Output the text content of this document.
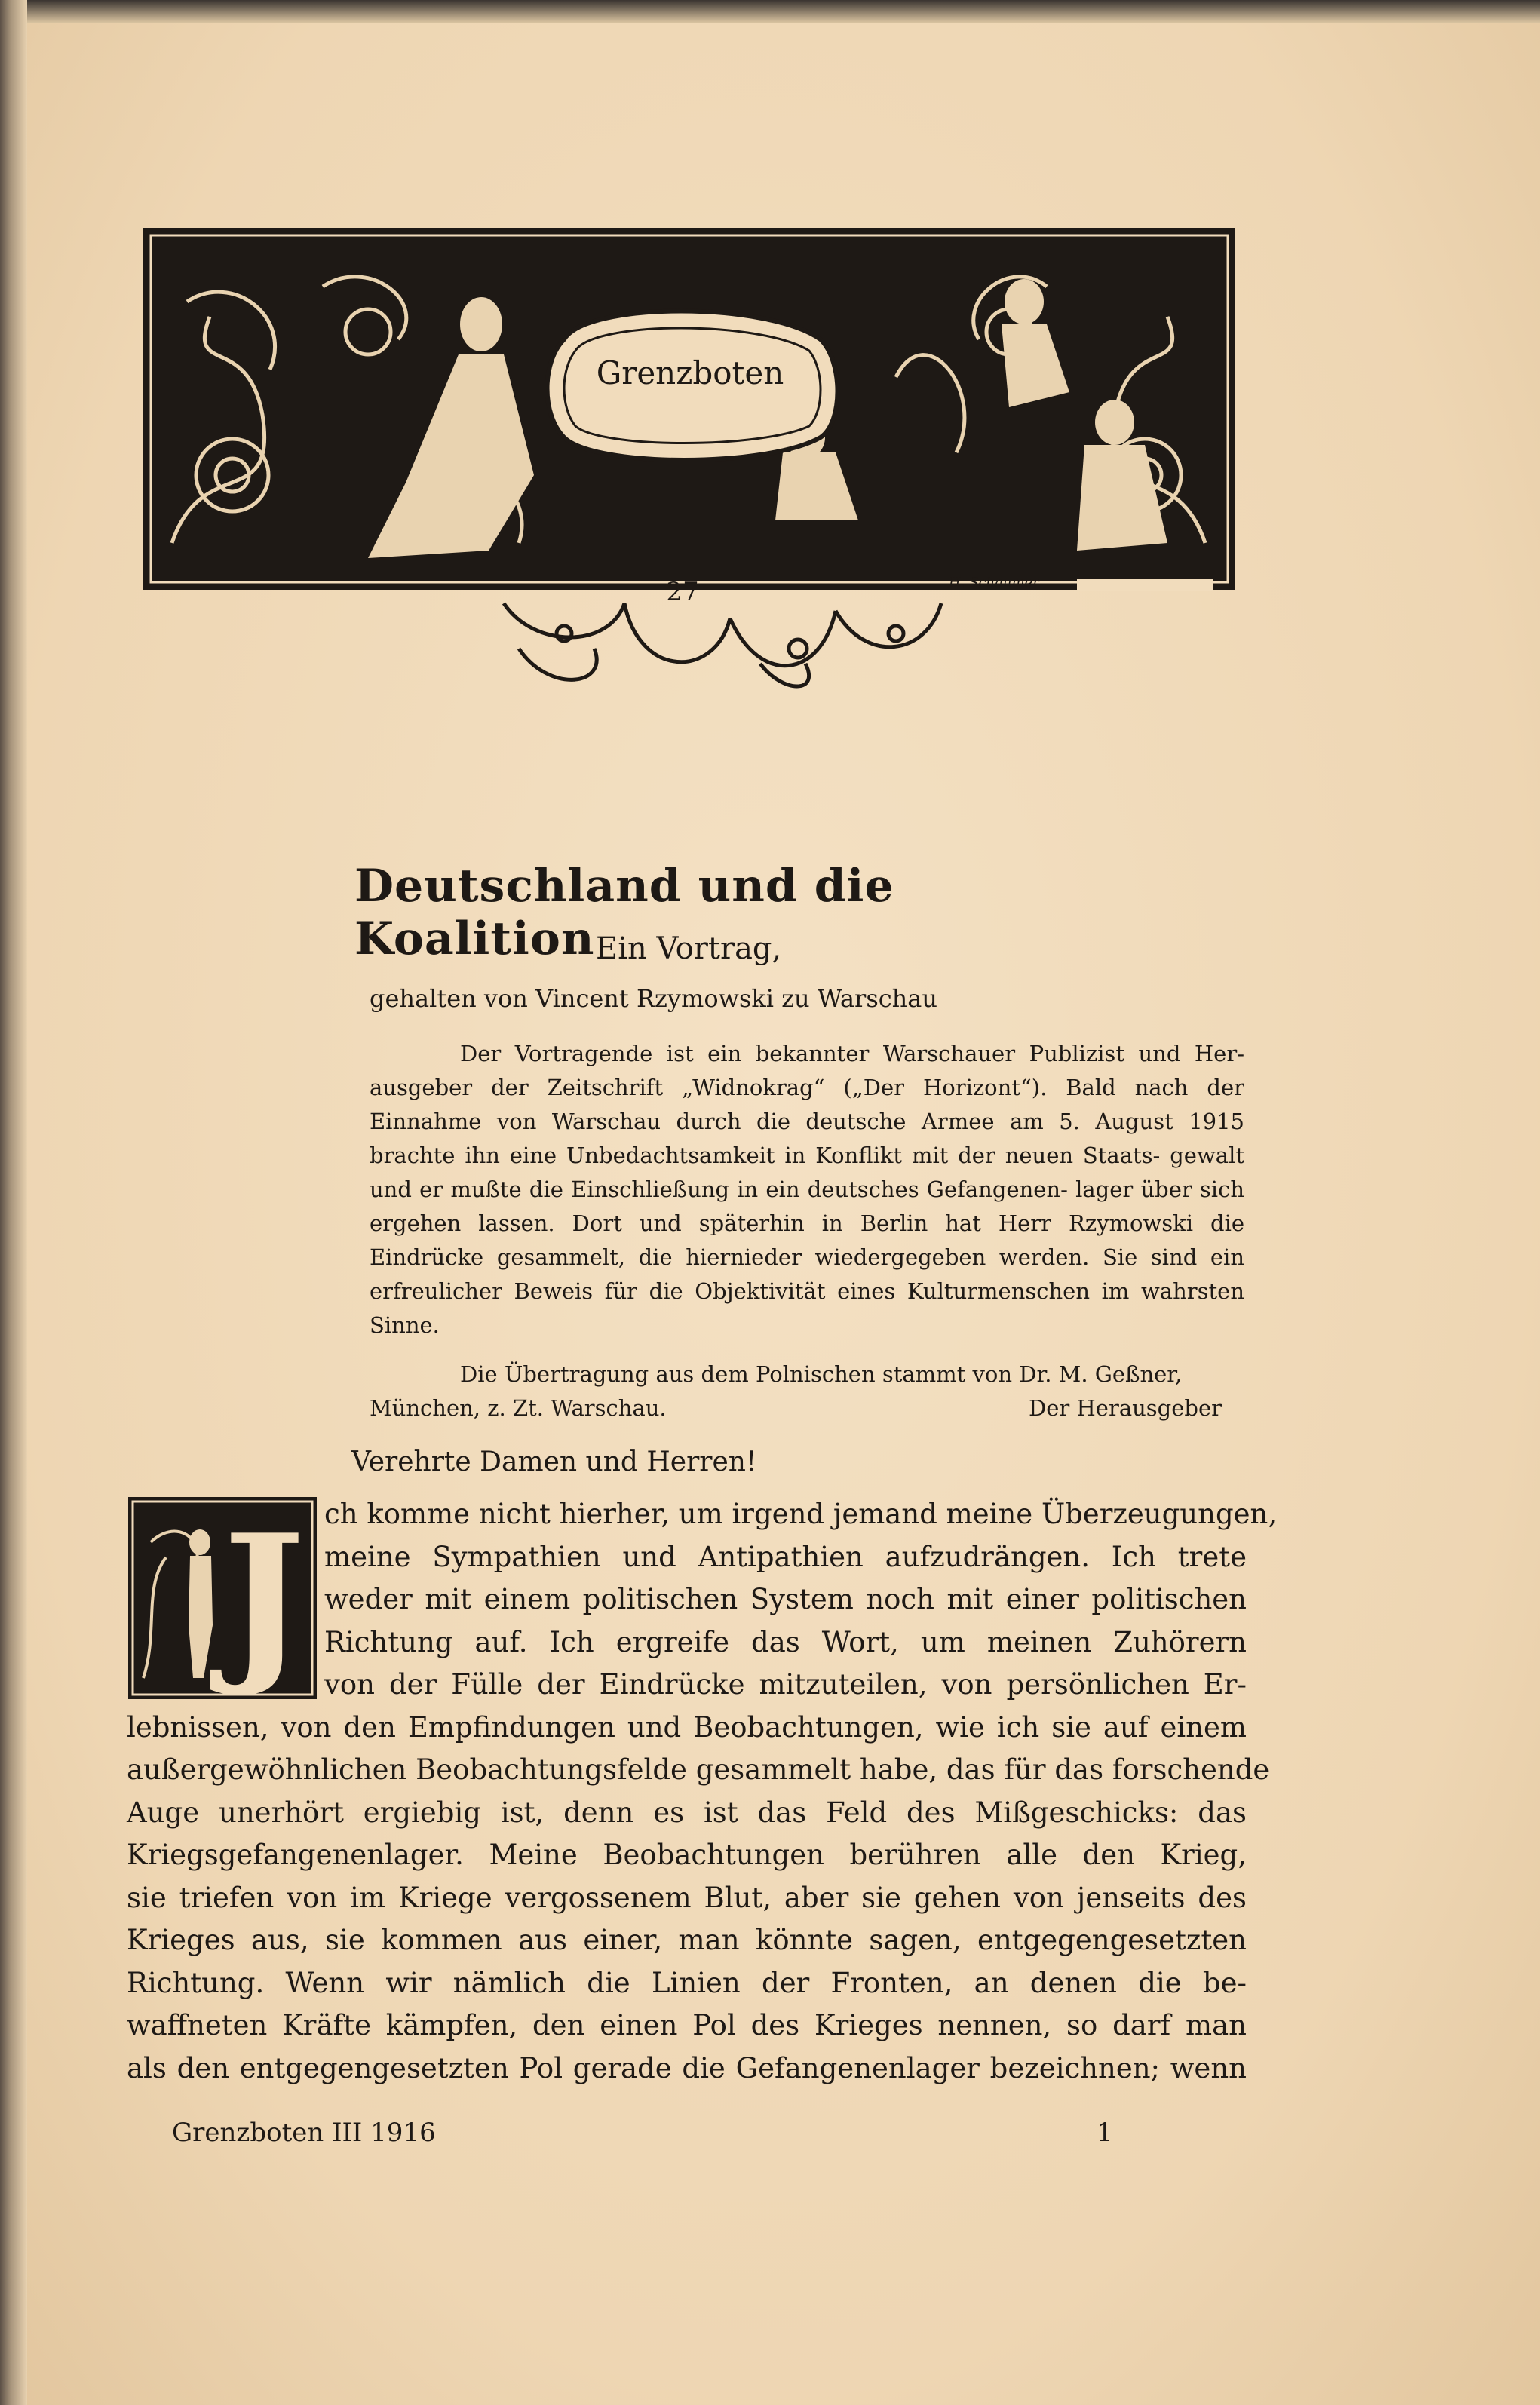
Grenzboten
27	H. Schaumer
Deutschland und die Koalition Ein Vortrag,
gehalten von Vincent Rzymowski zu Warschau
Der Vortragende ist ein bekannter Warschauer Publizist und Her- ausgeber der Zeitschrift „Widnokrag“ („Der Horizont“). Bald nach der Einnahme von Warschau durch die deutsche Armee am 5. August 1915 brachte ihn eine Unbedachtsamkeit in Konflikt mit der neuen Staats- gewalt und er mußte die Einschließung in ein deutsches Gefangenen- lager über sich ergehen lassen. Dort und späterhin in Berlin hat Herr Rzymowski die Eindrücke gesammelt, die hiernieder wiedergegeben werden. Sie sind ein erfreulicher Beweis für die Objektivität eines Kulturmenschen im wahrsten Sinne.
Die Übertragung aus dem Polnischen stammt von Dr. M. Geßner,
München, z. Zt. Warschau.	Der Herausgeber
Verehrte Damen und Herren!
J ch komme nicht hierher, um irgend jemand meine Überzeugungen,
meine Sympathien und Antipathien aufzudrängen. Ich trete
weder mit einem politischen System noch mit einer politischen
Richtung auf. Ich ergreife das Wort, um meinen Zuhörern
von der Fülle der Eindrücke mitzuteilen, von persönlichen Er-
lebnissen, von den Empfindungen und Beobachtungen, wie ich sie auf einem
außergewöhnlichen Beobachtungsfelde gesammelt habe, das für das forschende
Auge unerhört ergiebig ist, denn es ist das Feld des Mißgeschicks: das
Kriegsgefangenenlager. Meine Beobachtungen berühren alle den Krieg,
sie triefen von im Kriege vergossenem Blut, aber sie gehen von jenseits des
Krieges aus, sie kommen aus einer, man könnte sagen, entgegengesetzten
Richtung. Wenn wir nämlich die Linien der Fronten, an denen die be-
waffneten Kräfte kämpfen, den einen Pol des Krieges nennen, so darf man
als den entgegengesetzten Pol gerade die Gefangenenlager bezeichnen; wenn
Grenzboten III 1916	1
